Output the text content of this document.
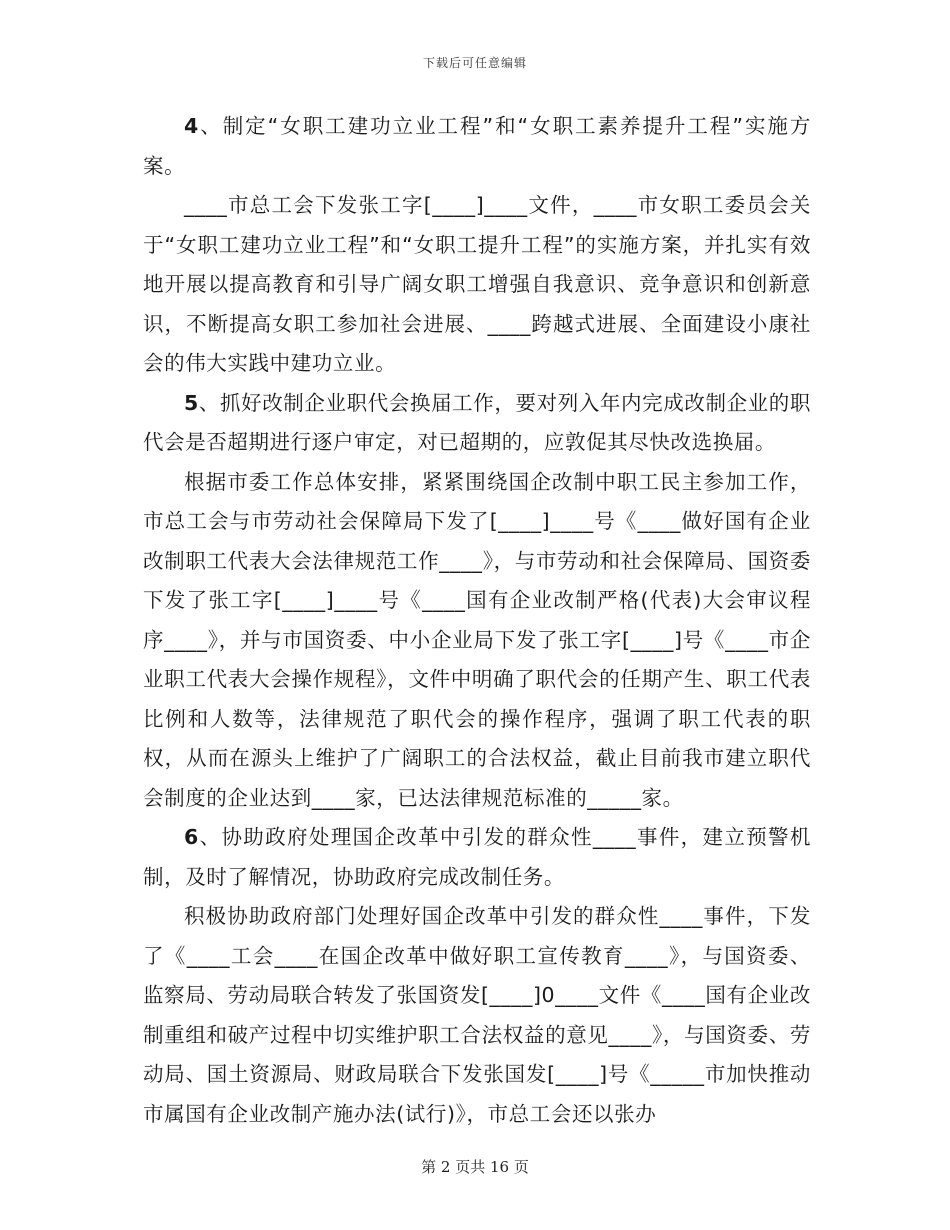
下载后可任意编辑

4、制定“女职工建功立业工程”和“女职工素养提升工程”实施方案。

____市总工会下发张工字[____]____文件，____市女职工委员会关于“女职工建功立业工程”和“女职工提升工程”的实施方案，并扎实有效地开展以提高教育和引导广阔女职工增强自我意识、竞争意识和创新意识，不断提高女职工参加社会进展、____跨越式进展、全面建设小康社会的伟大实践中建功立业。

5、抓好改制企业职代会换届工作，要对列入年内完成改制企业的职代会是否超期进行逐户审定，对已超期的，应敦促其尽快改选换届。

根据市委工作总体安排，紧紧围绕国企改制中职工民主参加工作，市总工会与市劳动社会保障局下发了[____]____号《____做好国有企业改制职工代表大会法律规范工作____》，与市劳动和社会保障局、国资委下发了张工字[____]____号《____国有企业改制严格(代表)大会审议程序____》，并与市国资委、中小企业局下发了张工字[____]号《____市企业职工代表大会操作规程》，文件中明确了职代会的任期产生、职工代表比例和人数等，法律规范了职代会的操作程序，强调了职工代表的职权，从而在源头上维护了广阔职工的合法权益，截止目前我市建立职代会制度的企业达到____家，已达法律规范标准的_____家。

6、协助政府处理国企改革中引发的群众性____事件，建立预警机制，及时了解情况，协助政府完成改制任务。

积极协助政府部门处理好国企改革中引发的群众性____事件，下发了《____工会____在国企改革中做好职工宣传教育____》，与国资委、监察局、劳动局联合转发了张国资发[____]0____文件《____国有企业改制重组和破产过程中切实维护职工合法权益的意见____》，与国资委、劳动局、国土资源局、财政局联合下发张国发[____]号《_____市加快推动市属国有企业改制产施办法(试行)》，市总工会还以张办

第 2 页共 16 页
